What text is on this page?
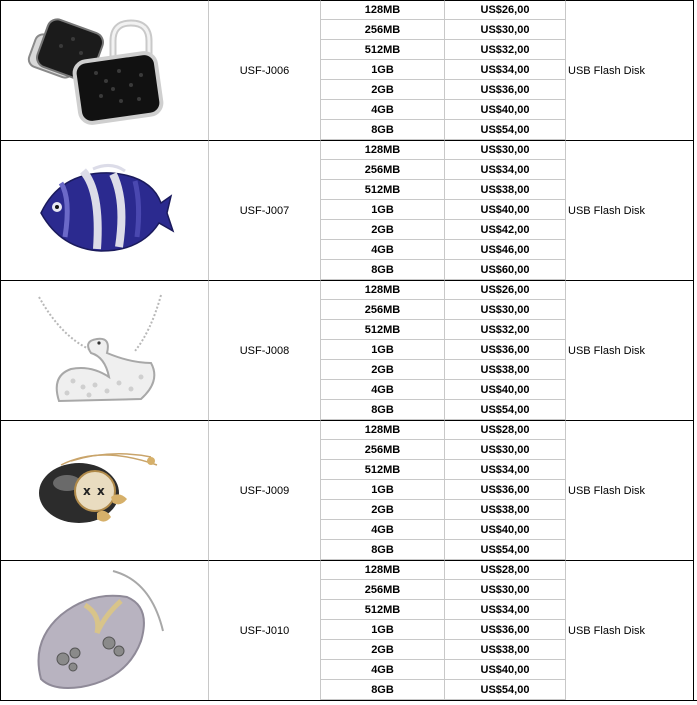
USF-J006
128MB	US$26,00
256MB	US$30,00
512MB	US$32,00
1GB	US$34,00
2GB	US$36,00
4GB	US$40,00
8GB	US$54,00
USB Flash Disk
USF-J007
128MB	US$30,00
256MB	US$34,00
512MB	US$38,00
1GB	US$40,00
2GB	US$42,00
4GB	US$46,00
8GB	US$60,00
USB Flash Disk
USF-J008
128MB	US$26,00
256MB	US$30,00
512MB	US$32,00
1GB	US$36,00
2GB	US$38,00
4GB	US$40,00
8GB	US$54,00
USB Flash Disk
x x	USF-J009
128MB	US$28,00
256MB	US$30,00
512MB	US$34,00
1GB	US$36,00
2GB	US$38,00
4GB	US$40,00
8GB	US$54,00
USB Flash Disk
USF-J010
128MB	US$28,00
256MB	US$30,00
512MB	US$34,00
1GB	US$36,00
2GB	US$38,00
4GB	US$40,00
8GB	US$54,00
USB Flash Disk
